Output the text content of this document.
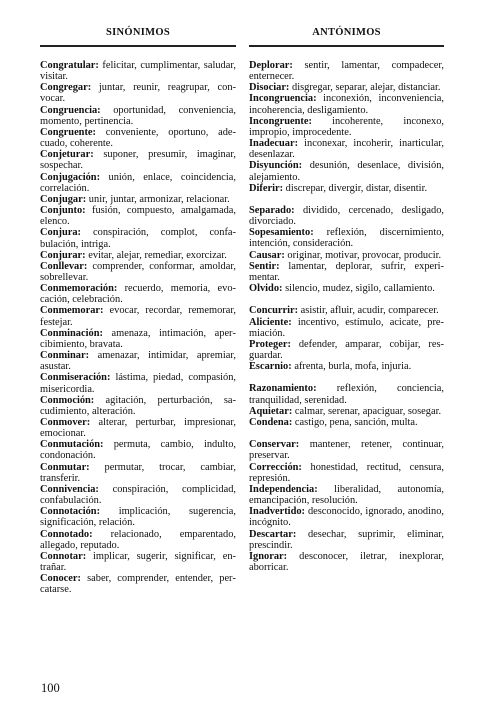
SINÓNIMOS	ANTÓNIMOS

Congratular: felicitar, cumplimentar, saludar, visitar.

Congregar: juntar, reunir, reagrupar, convocar.

Congruencia: oportunidad, conveniencia, momento, pertinencia.

Congruente: conveniente, oportuno, adecuado, coherente.

Conjeturar: suponer, presumir, imaginar, sospechar.

Conjugación: unión, enlace, coincidencia, correlación.

Conjugar: unir, juntar, armonizar, relacionar.

Conjunto: fusión, compuesto, amalgamada, elenco.

Conjura: conspiración, complot, confabulación, intriga.

Conjurar: evitar, alejar, remediar, exorcizar.

Conllevar: comprender, conformar, amoldar, sobrellevar.

Conmemoración: recuerdo, memoria, evocación, celebración.

Conmemorar: evocar, recordar, rememorar, festejar.

Conminación: amenaza, intimación, apercibimiento, bravata.

Conminar: amenazar, intimidar, apremiar, asustar.

Conmiseración: lástima, piedad, compasión, misericordia.

Conmoción: agitación, perturbación, sacudimiento, alteración.

Conmover: alterar, perturbar, impresionar, emocionar.

Conmutación: permuta, cambio, indulto, condonación.

Conmutar: permutar, trocar, cambiar, transferir.

Connivencia: conspiración, complicidad, confabulación.

Connotación: implicación, sugerencia, significación, relación.

Connotado: relacionado, emparentado, allegado, reputado.

Connotar: implicar, sugerir, significar, entrañar.

Conocer: saber, comprender, entender, percatarse.

Deplorar: sentir, lamentar, compadecer, enternecer.

Disociar: disgregar, separar, alejar, distanciar.

Incongruencia: inconexión, inconveniencia, incoherencia, desligamiento.

Incongruente: incoherente, inconexo, impropio, improcedente.

Inadecuar: inconexar, incoherir, inarticular, desenlazar.

Disyunción: desunión, desenlace, división, alejamiento.

Diferir: discrepar, divergir, distar, disentir.

Separado: dividido, cercenado, desligado, divorciado.

Sopesamiento: reflexión, discernimiento, intención, consideración.

Causar: originar, motivar, provocar, producir.

Sentir: lamentar, deplorar, sufrir, experimentar.

Olvido: silencio, mudez, sigilo, callamiento.

Concurrir: asistir, afluir, acudir, comparecer.

Aliciente: incentivo, estímulo, acicate, premiación.

Proteger: defender, amparar, cobijar, resguardar.

Escarnio: afrenta, burla, mofa, injuria.

Razonamiento: reflexión, conciencia, tranquilidad, serenidad.

Aquietar: calmar, serenar, apaciguar, sosegar.

Condena: castigo, pena, sanción, multa.

Conservar: mantener, retener, continuar, preservar.

Corrección: honestidad, rectitud, censura, represión.

Independencia: liberalidad, autonomía, emancipación, resolución.

Inadvertido: desconocido, ignorado, anodino, incógnito.

Descartar: desechar, suprimir, eliminar, prescindir.

Ignorar: desconocer, iletrar, inexplorar, aborricar.

100
